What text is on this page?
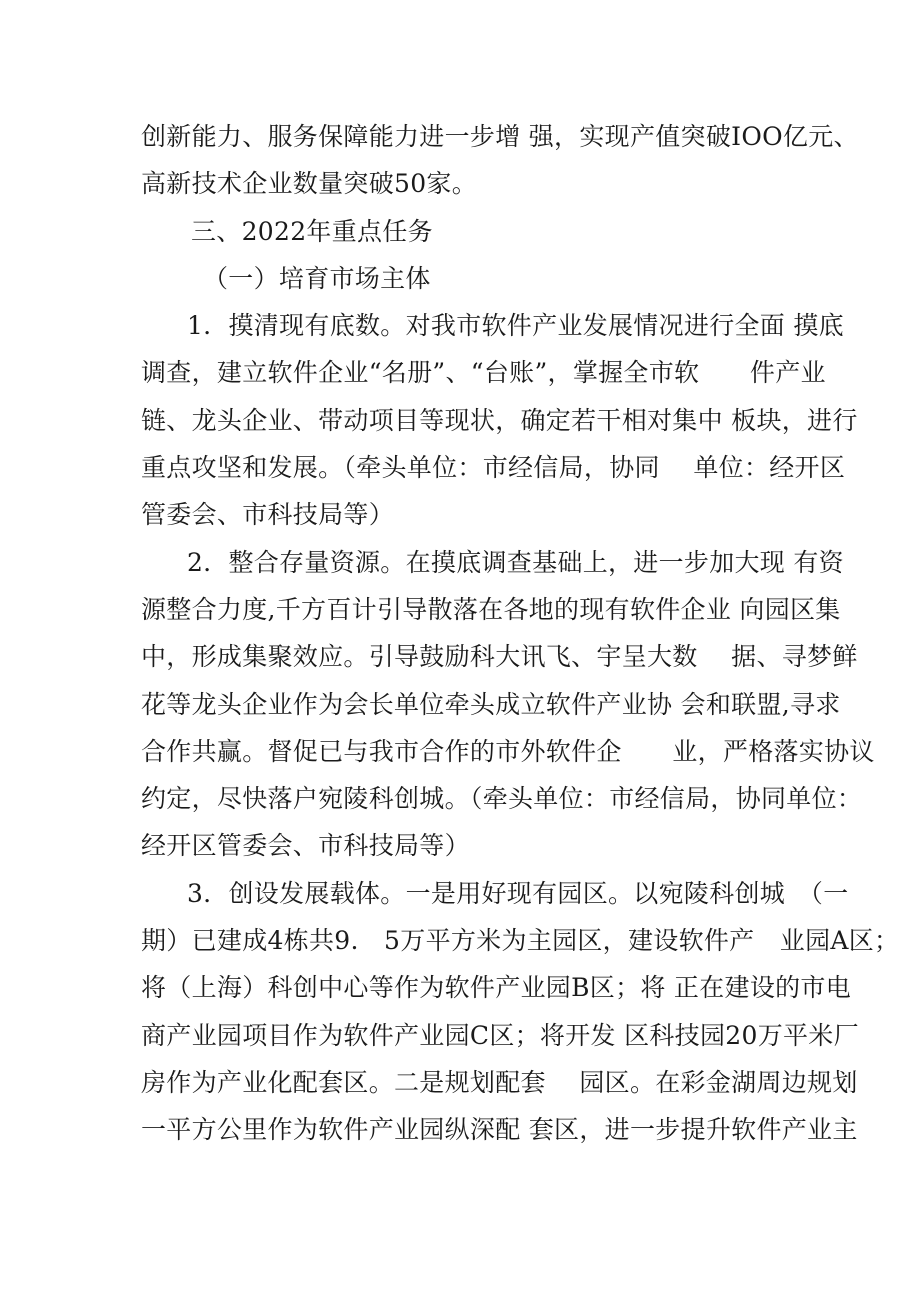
创新能力、服务保障能力进一步增 强，实现产值突破IOO亿元、
高新技术企业数量突破50家。
三、2022年重点任务
（一）培育市场主体
1．摸清现有底数。对我市软件产业发展情况进行全面 摸底
调查，建立软件企业“名册”、“台账”，掌握全市软　　件产业
链、龙头企业、带动项目等现状，确定若干相对集中 板块，进行
重点攻坚和发展。（牵头单位：市经信局，协同　 单位：经开区
管委会、市科技局等）
2．整合存量资源。在摸底调查基础上，进一步加大现 有资
源整合力度,千方百计引导散落在各地的现有软件企业 向园区集
中，形成集聚效应。引导鼓励科大讯飞、宇呈大数　 据、寻梦鲜
花等龙头企业作为会长单位牵头成立软件产业协 会和联盟,寻求
合作共赢。督促已与我市合作的市外软件企　　业，严格落实协议
约定，尽快落户宛陵科创城。（牵头单位：市经信局，协同单位：
经开区管委会、市科技局等）
3．创设发展载体。一是用好现有园区。以宛陵科创城　（一
期）已建成4栋共9.　5万平方米为主园区，建设软件产　业园A区；
将（上海）科创中心等作为软件产业园B区；将 正在建设的市电
商产业园项目作为软件产业园C区；将开发 区科技园20万平米厂
房作为产业化配套区。二是规划配套　 园区。在彩金湖周边规划
一平方公里作为软件产业园纵深配 套区，进一步提升软件产业主
